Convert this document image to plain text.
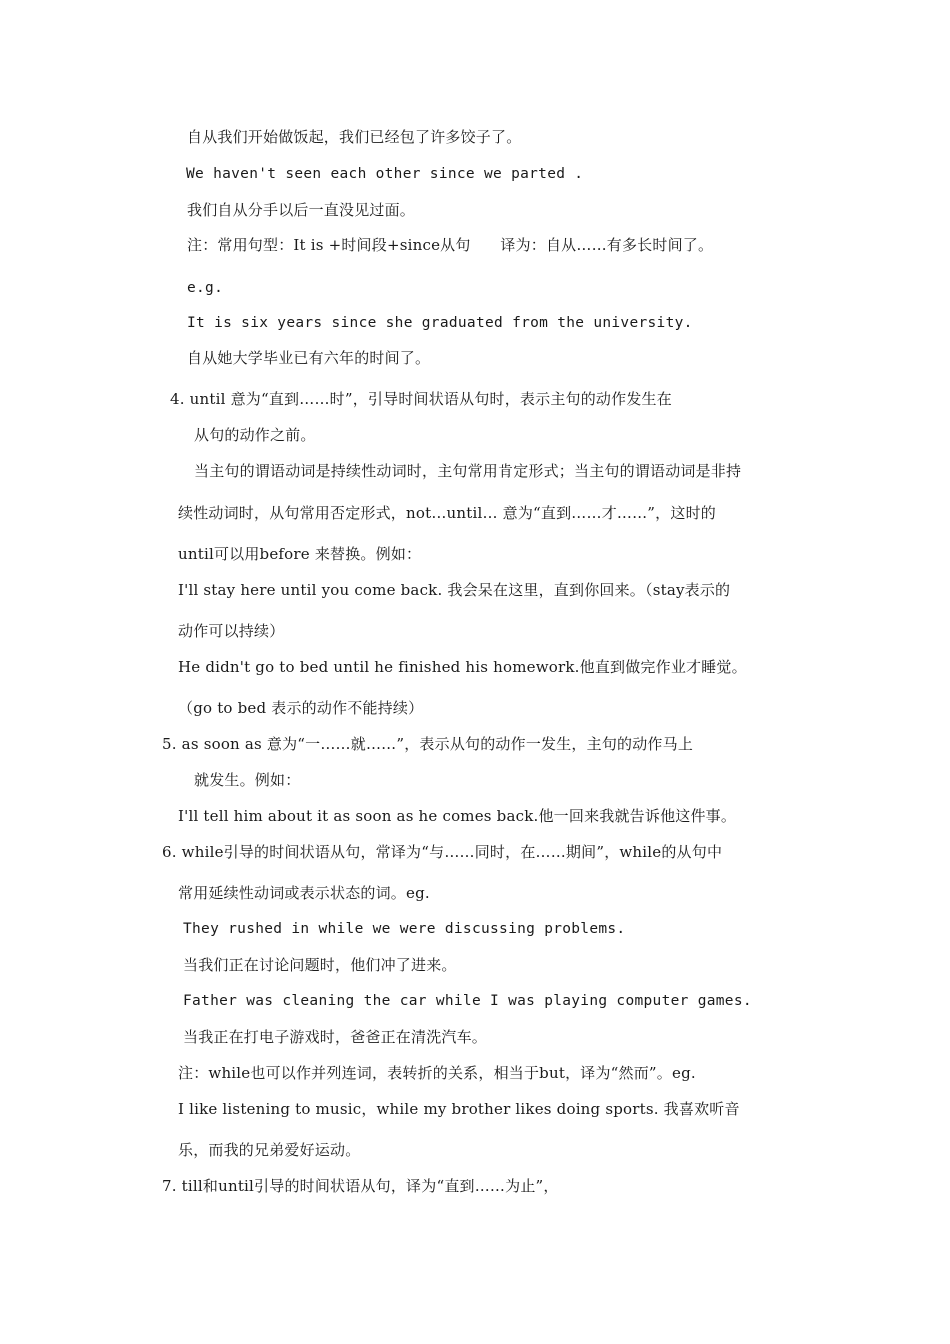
自从我们开始做饭起，我们已经包了许多饺子了。
We haven't seen each other since we parted .
我们自从分手以后一直没见过面。
注：常用句型：It is +时间段+since从句      译为：自从……有多长时间了。
e.g.
It is six years since she graduated from the university.
自从她大学毕业已有六年的时间了。
4. until 意为“直到……时”，引导时间状语从句时，表示主句的动作发生在
从句的动作之前。
当主句的谓语动词是持续性动词时，主句常用肯定形式；当主句的谓语动词是非持
续性动词时，从句常用否定形式，not…until… 意为“直到……才……”，这时的
until可以用before 来替换。例如：
I'll stay here until you come back. 我会呆在这里，直到你回来。（stay表示的
动作可以持续）
He didn't go to bed until he finished his homework.他直到做完作业才睡觉。
（go to bed 表示的动作不能持续）
5. as soon as 意为“一……就……”，表示从句的动作一发生，主句的动作马上
就发生。例如：
I'll tell him about it as soon as he comes back.他一回来我就告诉他这件事。
6. while引导的时间状语从句，常译为“与……同时，在……期间”，while的从句中
常用延续性动词或表示状态的词。eg.
They rushed in while we were discussing problems.
当我们正在讨论问题时，他们冲了进来。
Father was cleaning the car while I was playing computer games.
当我正在打电子游戏时，爸爸正在清洗汽车。
注：while也可以作并列连词，表转折的关系，相当于but，译为“然而”。eg.
I like listening to music，while my brother likes doing sports. 我喜欢听音
乐，而我的兄弟爱好运动。
7. till和until引导的时间状语从句，译为“直到……为止”，
